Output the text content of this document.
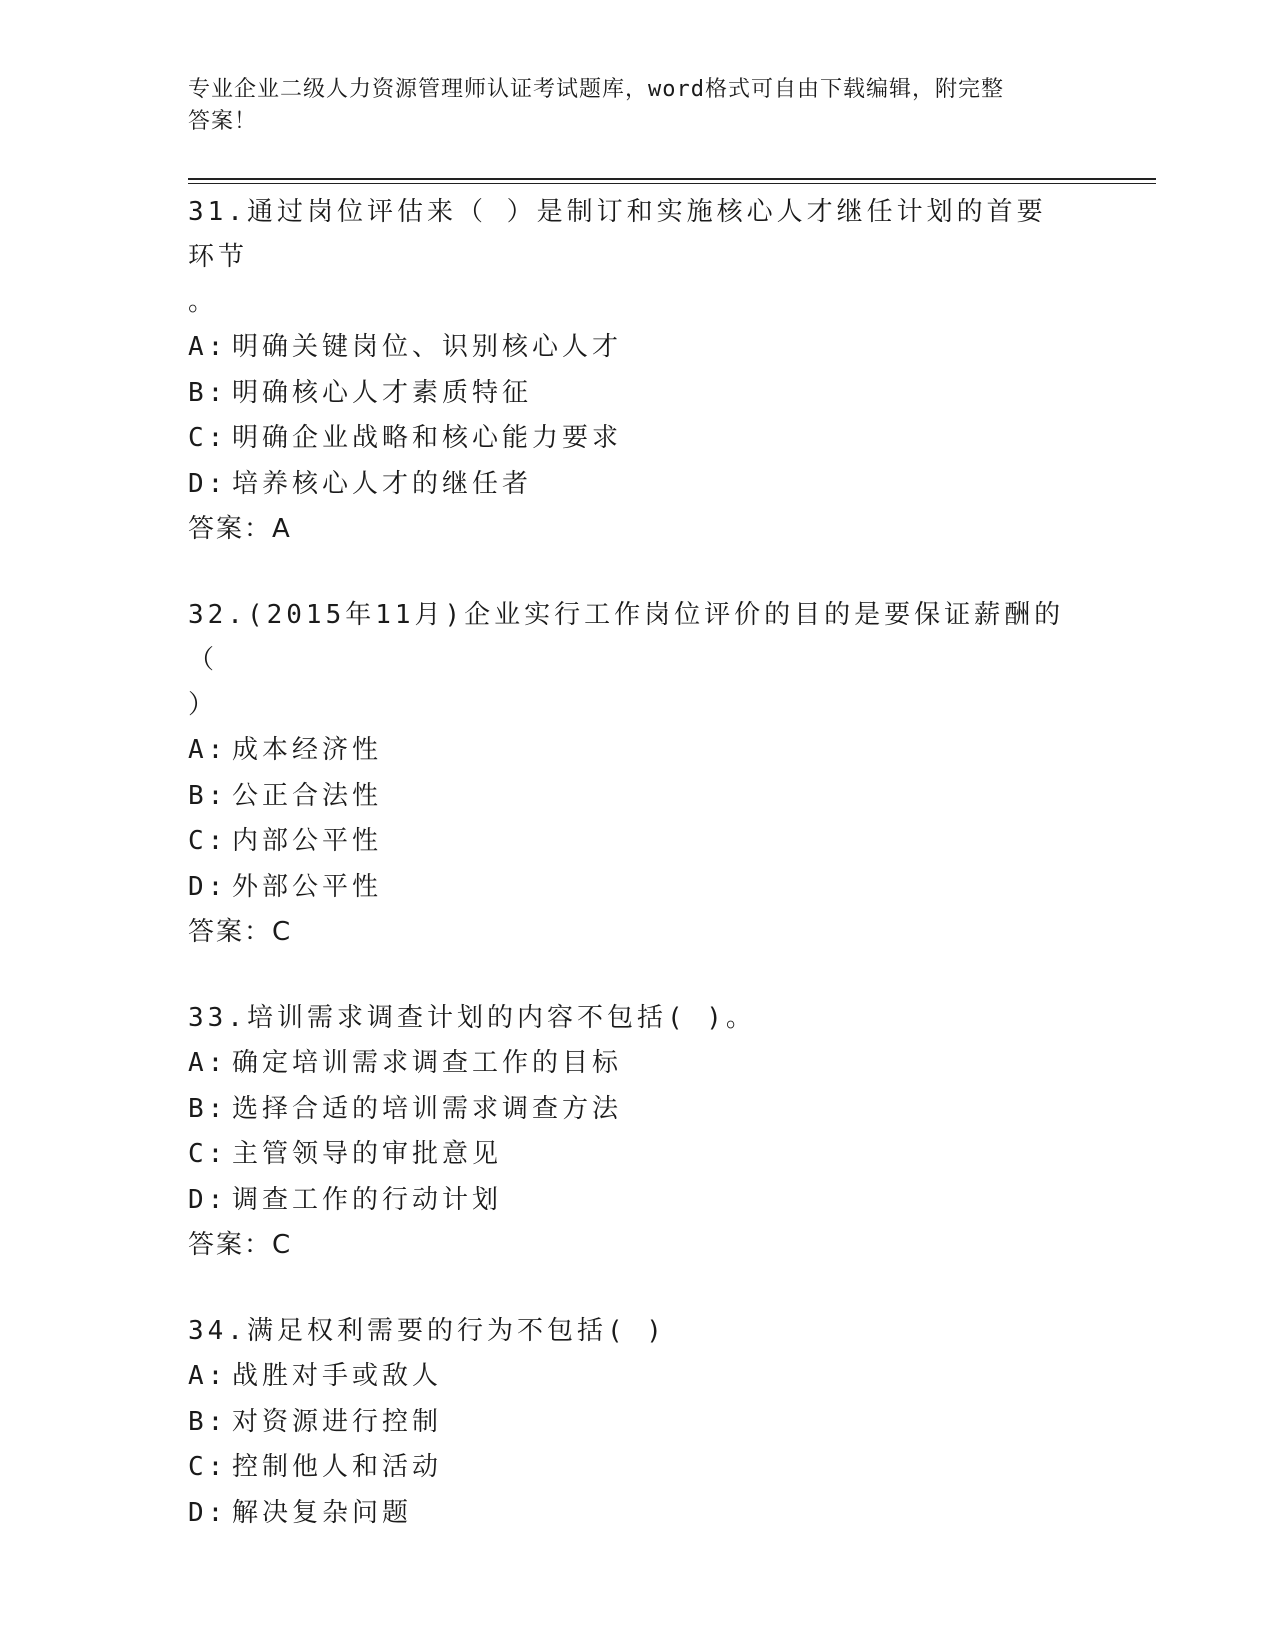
专业企业二级人力资源管理师认证考试题库，word格式可自由下载编辑，附完整
答案！

31.通过岗位评估来（ ）是制订和实施核心人才继任计划的首要环节
。

A: 明确关键岗位、识别核心人才

B: 明确核心人才素质特征

C: 明确企业战略和核心能力要求

D: 培养核心人才的继任者

答案：A

32.(2015年11月)企业实行工作岗位评价的目的是要保证薪酬的 （
）

A: 成本经济性

B: 公正合法性

C: 内部公平性

D: 外部公平性

答案：C

33.培训需求调查计划的内容不包括( )。

A: 确定培训需求调查工作的目标

B: 选择合适的培训需求调查方法

C: 主管领导的审批意见

D: 调查工作的行动计划

答案：C

34.满足权利需要的行为不包括( )

A: 战胜对手或敌人

B: 对资源进行控制

C: 控制他人和活动

D: 解决复杂问题
